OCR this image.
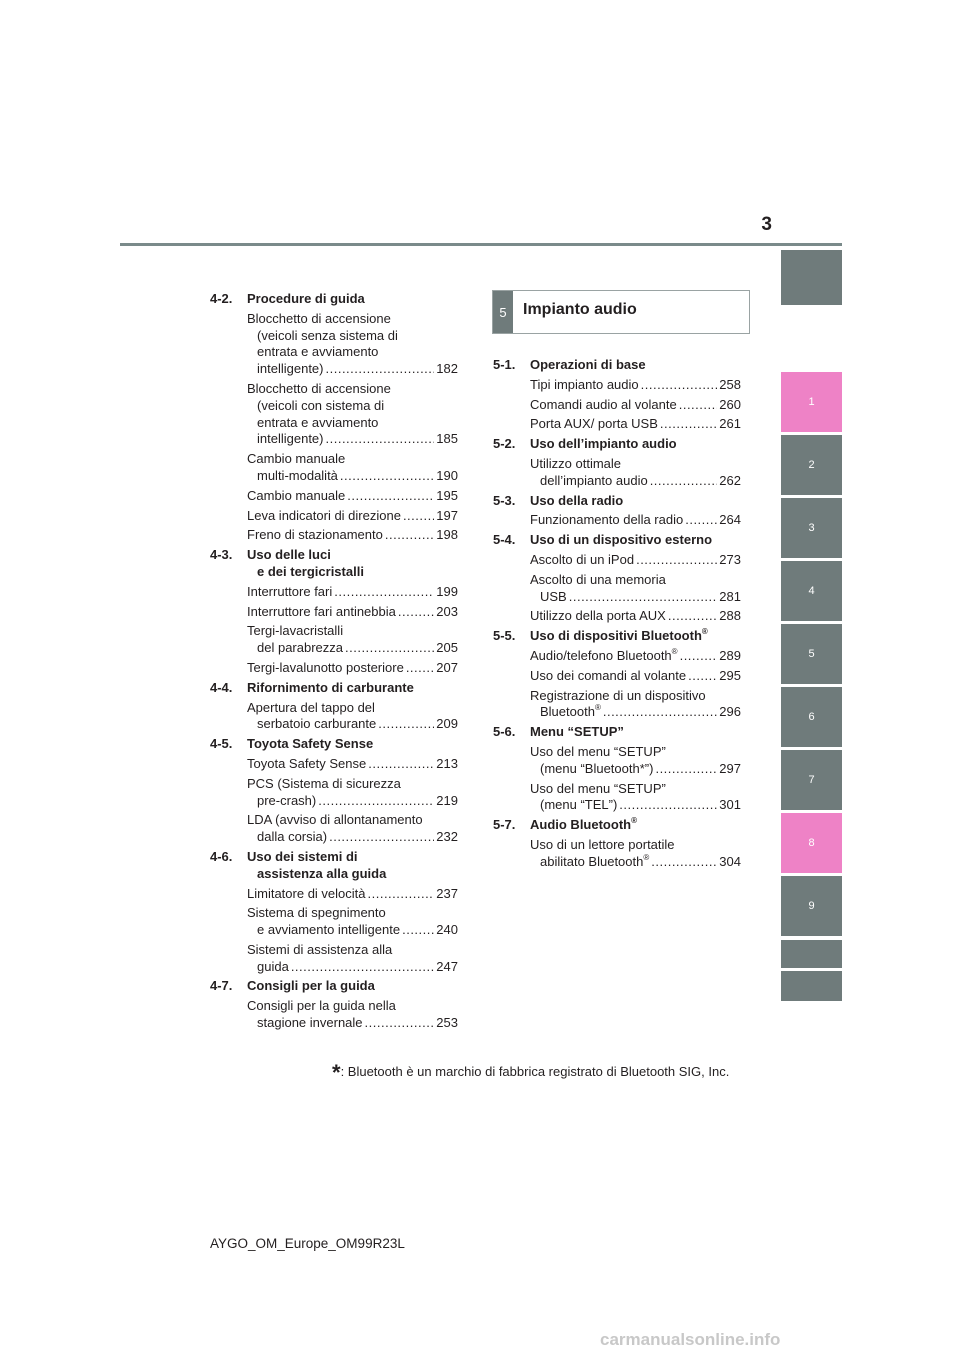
3
1
2
3
4
5
6
7
8
9
4-2.	Procedure di guida
Blocchetto di accensione
(veicoli senza sistema di
entrata e avviamento
intelligente) .....	182
Blocchetto di accensione
(veicoli con sistema di
entrata e avviamento
intelligente) .....	185
Cambio manuale
multi-modalità .....	190
Cambio manuale .....	195
Leva indicatori di direzione .....	197
Freno di stazionamento .....	198
4-3.	Uso delle luci
e dei tergicristalli
Interruttore fari .....	199
Interruttore fari antinebbia .....	203
Tergi-lavacristalli
del parabrezza .....	205
Tergi-lavalunotto posteriore ..... 207
4-4.	Rifornimento di carburante
Apertura del tappo del
serbatoio carburante .....	209
4-5.	Toyota Safety Sense
Toyota Safety Sense .....	213
PCS (Sistema di sicurezza
pre-crash) .....	219
LDA (avviso di allontanamento
dalla corsia) .....	232
4-6.	Uso dei sistemi di
assistenza alla guida
Limitatore di velocità .....	237
Sistema di spegnimento
e avviamento intelligente .....	240
Sistemi di assistenza alla
guida .....	247
4-7.	Consigli per la guida
Consigli per la guida nella
stagione invernale .....	253
5	Impianto audio
5-1.	Operazioni di base
Tipi impianto audio .....	258
Comandi audio al volante .....	260
Porta AUX/ porta USB .....	261
5-2.	Uso dell’impianto audio
Utilizzo ottimale
dell’impianto audio .....	262
5-3.	Uso della radio
Funzionamento della radio .....	264
5-4.	Uso di un dispositivo esterno
Ascolto di un iPod .....	273
Ascolto di una memoria
USB .....	281
Utilizzo della porta AUX .....	288
5-5.	Uso di dispositivi Bluetooth®
Audio/telefono Bluetooth® .....	289
Uso dei comandi al volante .....	295
Registrazione di un dispositivo
Bluetooth® .....	296
5-6.	Menu “SETUP”
Uso del menu “SETUP”
(menu “Bluetooth*”) .....	297
Uso del menu “SETUP”
(menu “TEL”) .....	301
5-7.	Audio Bluetooth®
Uso di un lettore portatile
abilitato Bluetooth® .....	304
*: Bluetooth è un marchio di fabbrica registrato di Bluetooth SIG, Inc.
AYGO_OM_Europe_OM99R23L
carmanualsonline.info
